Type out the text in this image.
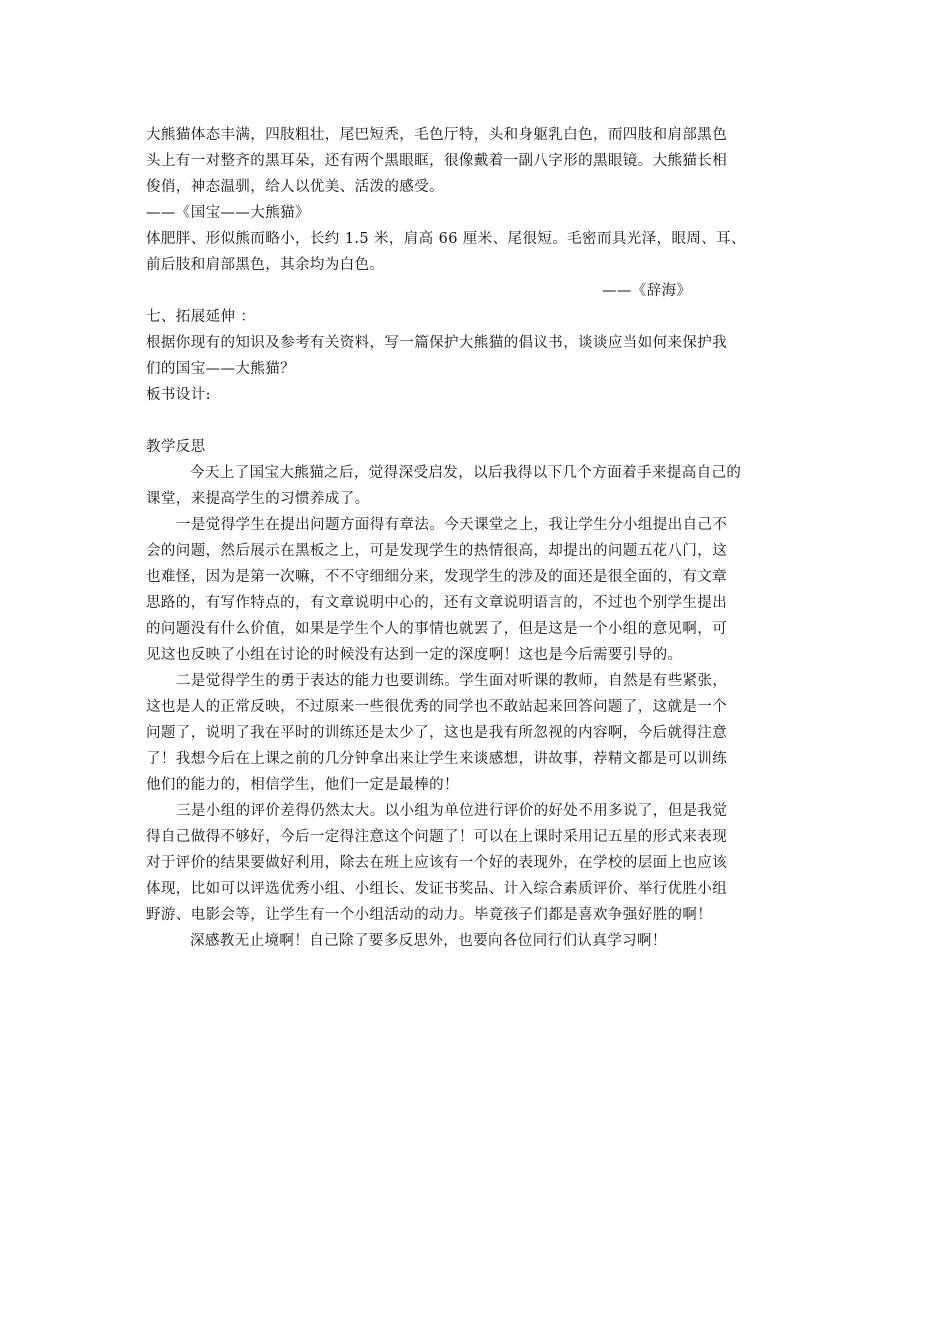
大熊猫体态丰满，四肢粗壮，尾巴短秃，毛色厅特，头和身躯乳白色，而四肢和肩部黑色
头上有一对整齐的黑耳朵，还有两个黑眼眶，很像戴着一副八字形的黑眼镜。大熊猫长相
俊俏，神态温驯，给人以优美、活泼的感受。
——《国宝——大熊猫》
体肥胖、形似熊而略小，长约 1.5 米，肩高 66 厘米、尾很短。毛密而具光泽，眼周、耳、
前后肢和肩部黑色，其余均为白色。
——《辞海》
七、拓展延伸 ：
根据你现有的知识及参考有关资料，写一篇保护大熊猫的倡议书，谈谈应当如何来保护我
们的国宝——大熊猫？
板书设计:
教学反思
今天上了国宝大熊猫之后，觉得深受启发，以后我得以下几个方面着手来提高自己的
课堂，来提高学生的习惯养成了。
一是觉得学生在提出问题方面得有章法。今天课堂之上，我让学生分小组提出自己不
会的问题，然后展示在黑板之上，可是发现学生的热情很高，却提出的问题五花八门，这
也难怪，因为是第一次嘛，不不守细细分来，发现学生的涉及的面还是很全面的，有文章
思路的，有写作特点的，有文章说明中心的，还有文章说明语言的，不过也个别学生提出
的问题没有什么价值，如果是学生个人的事情也就罢了，但是这是一个小组的意见啊，可
见这也反映了小组在讨论的时候没有达到一定的深度啊！这也是今后需要引导的。
二是觉得学生的勇于表达的能力也要训练。学生面对听课的教师，自然是有些紧张，
这也是人的正常反映，不过原来一些很优秀的同学也不敢站起来回答问题了，这就是一个
问题了，说明了我在平时的训练还是太少了，这也是我有所忽视的内容啊，今后就得注意
了！我想今后在上课之前的几分钟拿出来让学生来谈感想，讲故事，荐精文都是可以训练
他们的能力的，相信学生，他们一定是最棒的！
三是小组的评价差得仍然太大。以小组为单位进行评价的好处不用多说了，但是我觉
得自己做得不够好，今后一定得注意这个问题了！可以在上课时采用记五星的形式来表现
对于评价的结果要做好利用，除去在班上应该有一个好的表现外，在学校的层面上也应该
体现，比如可以评选优秀小组、小组长、发证书奖品、计入综合素质评价、举行优胜小组
野游、电影会等，让学生有一个小组活动的动力。毕竟孩子们都是喜欢争强好胜的啊！
深感教无止境啊！自己除了要多反思外，也要向各位同行们认真学习啊！
